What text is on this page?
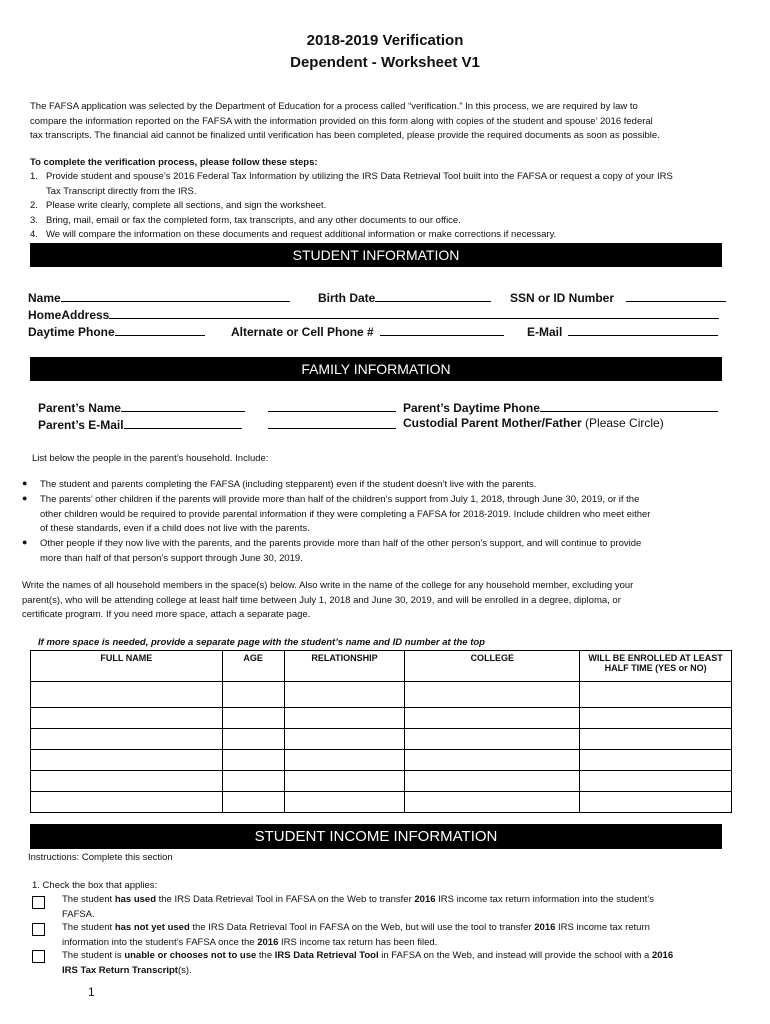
2018-2019 Verification
Dependent - Worksheet V1
The FAFSA application was selected by the Department of Education for a process called “verification.” In this process, we are required by law to
compare the information reported on the FAFSA with the information provided on this form along with copies of the student and spouse’ 2016 federal
tax transcripts. The financial aid cannot be finalized until verification has been completed, please provide the required documents as soon as possible.
To complete the verification process, please follow these steps:
1. Provide student and spouse’s 2016 Federal Tax Information by utilizing the IRS Data Retrieval Tool built into the FAFSA or request a copy of your IRS
Tax Transcript directly from the IRS.
2. Please write clearly, complete all sections, and sign the worksheet.
3. Bring, mail, email or fax the completed form, tax transcripts, and any other documents to our office.
4. We will compare the information on these documents and request additional information or make corrections if necessary.
STUDENT INFORMATION
Name	Birth Date	SSN or ID Number
HomeAddress
Daytime Phone	Alternate or Cell Phone #	E-Mail
FAMILY INFORMATION
Parent’s Name	Parent’s Daytime Phone
Parent’s E-Mail	Custodial Parent Mother/Father (Please Circle)
List below the people in the parent’s household. Include:
● The student and parents completing the FAFSA (including stepparent) even if the student doesn’t live with the parents.
● The parents’ other children if the parents will provide more than half of the children’s support from July 1, 2018, through June 30, 2019, or if the
other children would be required to provide parental information if they were completing a FAFSA for 2018-2019. Include children who meet either
of these standards, even if a child does not live with the parents.
● Other people if they now live with the parents, and the parents provide more than half of the other person’s support, and will continue to provide
more than half of that person’s support through June 30, 2019.
Write the names of all household members in the space(s) below. Also write in the name of the college for any household member, excluding your
parent(s), who will be attending college at least half time between July 1, 2018 and June 30, 2019, and will be enrolled in a degree, diploma, or
certificate program. If you need more space, attach a separate page.
If more space is needed, provide a separate page with the student’s name and ID number at the top
FULL NAME	AGE	RELATIONSHIP	COLLEGE	WILL BE ENROLLED AT LEAST
HALF TIME (YES or NO)

STUDENT INCOME INFORMATION
Instructions: Complete this section
1. Check the box that applies:
The student has used the IRS Data Retrieval Tool in FAFSA on the Web to transfer 2016 IRS income tax return information into the student’s
FAFSA.
The student has not yet used the IRS Data Retrieval Tool in FAFSA on the Web, but will use the tool to transfer 2016 IRS income tax return
information into the student’s FAFSA once the 2016 IRS income tax return has been filed.
The student is unable or chooses not to use the IRS Data Retrieval Tool in FAFSA on the Web, and instead will provide the school with a 2016
IRS Tax Return Transcript(s).
1
